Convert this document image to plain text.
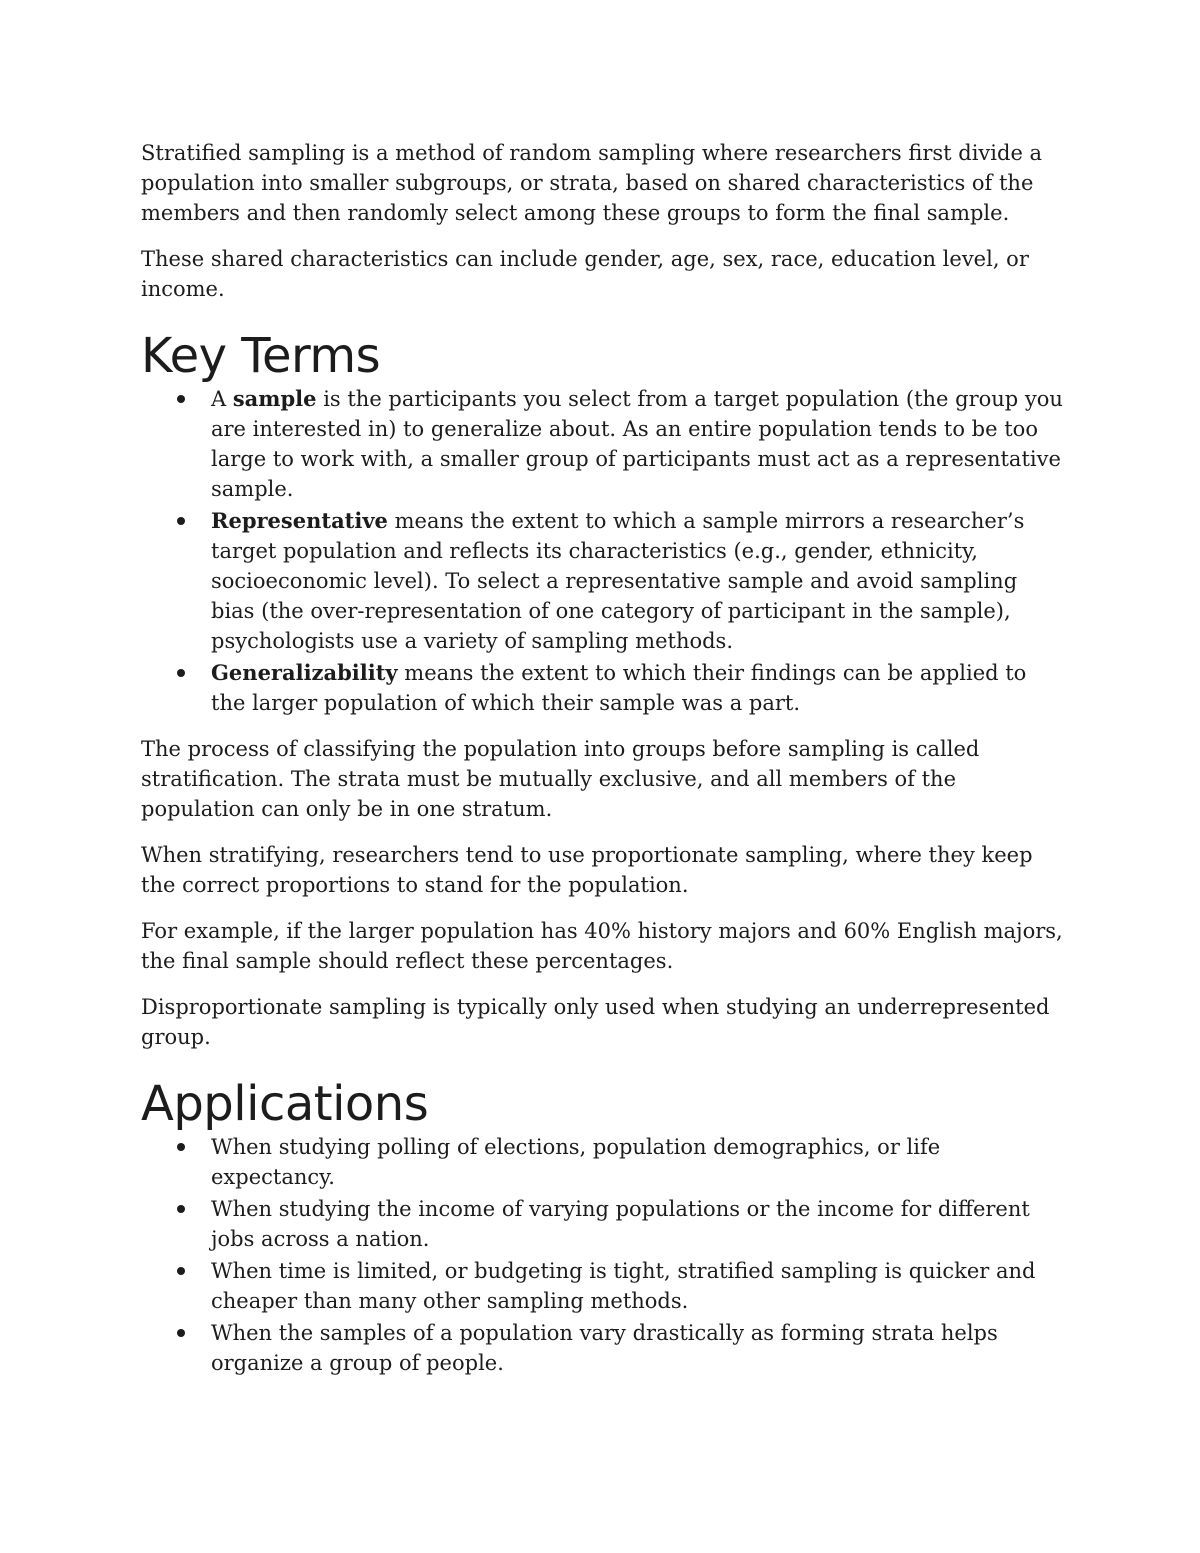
Stratified sampling is a method of random sampling where researchers first divide a population into smaller subgroups, or strata, based on shared characteristics of the members and then randomly select among these groups to form the final sample.

These shared characteristics can include gender, age, sex, race, education level, or income.

Key Terms
A sample is the participants you select from a target population (the group you are interested in) to generalize about. As an entire population tends to be too large to work with, a smaller group of participants must act as a representative sample.
Representative means the extent to which a sample mirrors a researcher’s target population and reflects its characteristics (e.g., gender, ethnicity, socioeconomic level). To select a representative sample and avoid sampling bias (the over-representation of one category of participant in the sample), psychologists use a variety of sampling methods.
Generalizability means the extent to which their findings can be applied to the larger population of which their sample was a part.

The process of classifying the population into groups before sampling is called stratification. The strata must be mutually exclusive, and all members of the population can only be in one stratum.

When stratifying, researchers tend to use proportionate sampling, where they keep the correct proportions to stand for the population.

For example, if the larger population has 40% history majors and 60% English majors, the final sample should reflect these percentages.

Disproportionate sampling is typically only used when studying an underrepresented group.

Applications
When studying polling of elections, population demographics, or life expectancy.
When studying the income of varying populations or the income for different jobs across a nation.
When time is limited, or budgeting is tight, stratified sampling is quicker and cheaper than many other sampling methods.
When the samples of a population vary drastically as forming strata helps organize a group of people.
